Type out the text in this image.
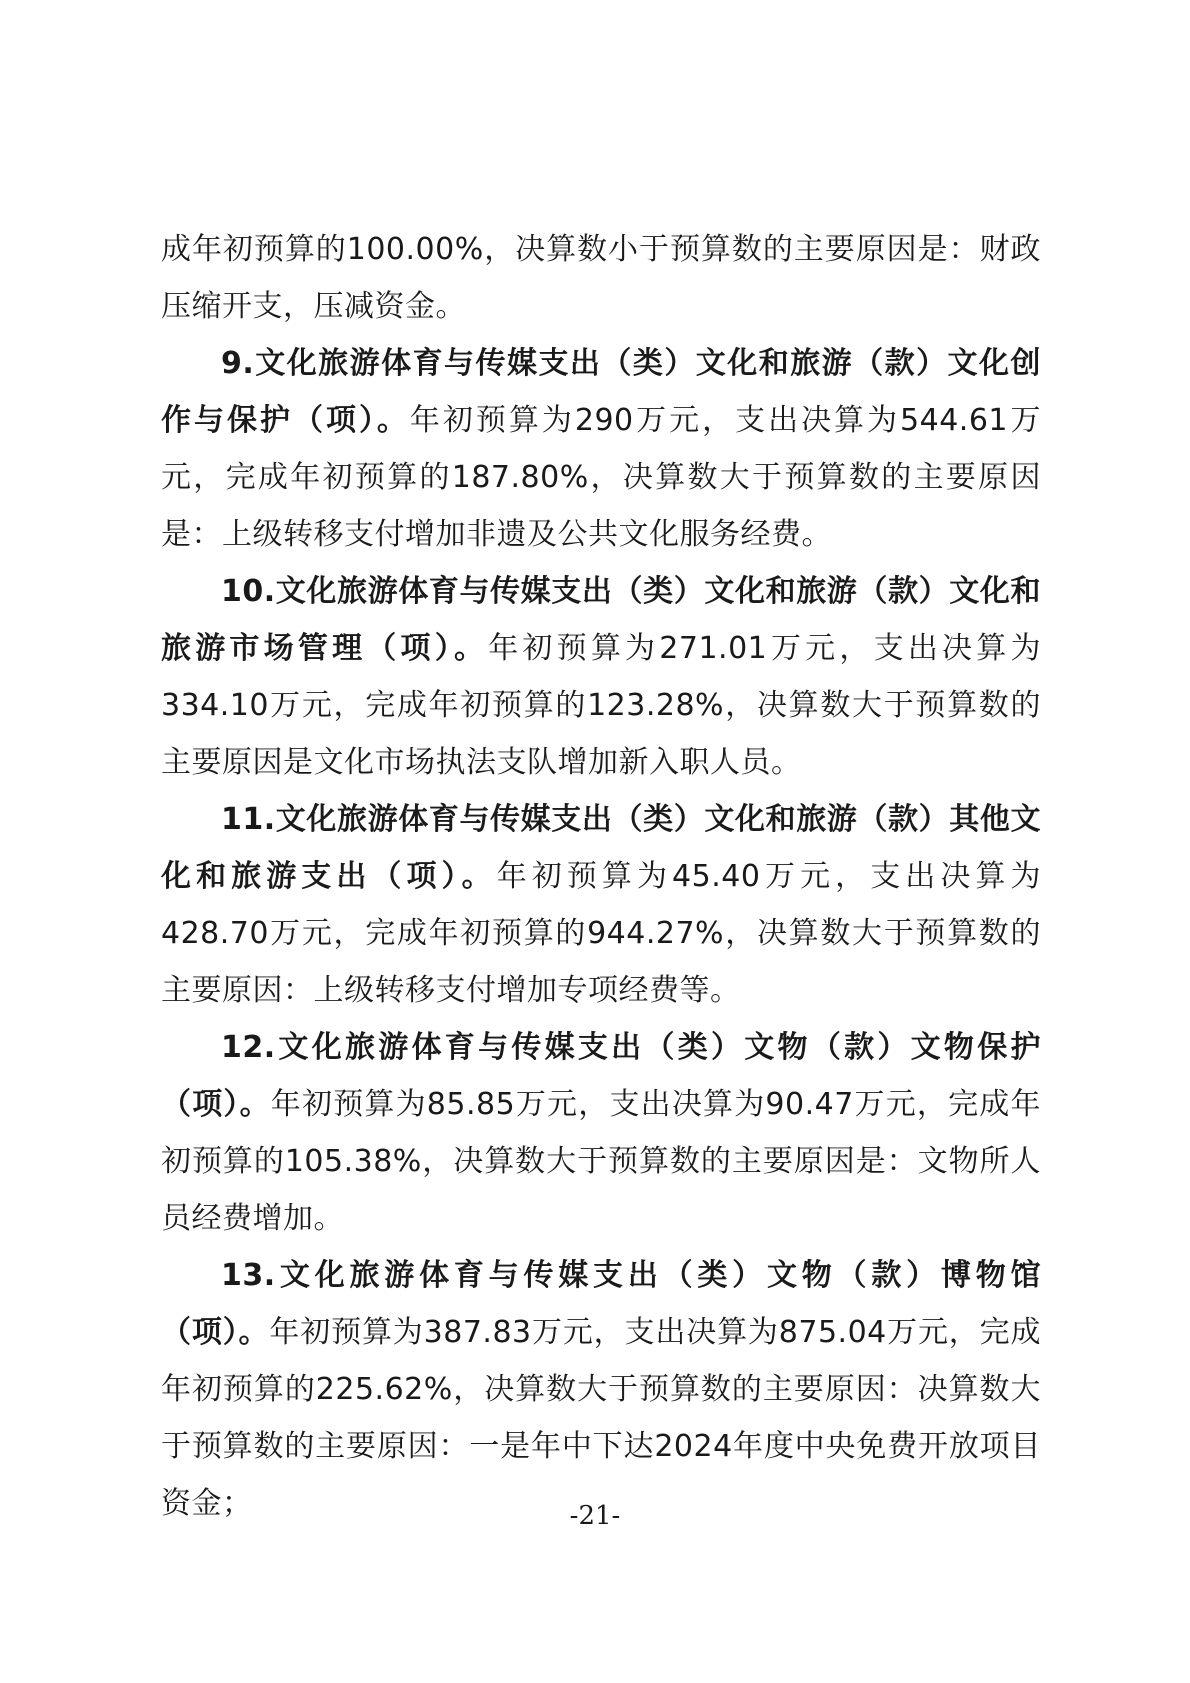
成年初预算的100.00%，决算数小于预算数的主要原因是：财政压缩开支，压减资金。

9.文化旅游体育与传媒支出（类）文化和旅游（款）文化创作与保护（项）。年初预算为290万元，支出决算为544.61万元，完成年初预算的187.80%，决算数大于预算数的主要原因是：上级转移支付增加非遗及公共文化服务经费。

10.文化旅游体育与传媒支出（类）文化和旅游（款）文化和旅游市场管理（项）。年初预算为271.01万元，支出决算为334.10万元，完成年初预算的123.28%，决算数大于预算数的主要原因是文化市场执法支队增加新入职人员。

11.文化旅游体育与传媒支出（类）文化和旅游（款）其他文化和旅游支出（项）。年初预算为45.40万元，支出决算为428.70万元，完成年初预算的944.27%，决算数大于预算数的主要原因：上级转移支付增加专项经费等。

12.文化旅游体育与传媒支出（类）文物（款）文物保护（项）。年初预算为85.85万元，支出决算为90.47万元，完成年初预算的105.38%，决算数大于预算数的主要原因是：文物所人员经费增加。

13.文化旅游体育与传媒支出（类）文物（款）博物馆（项）。年初预算为387.83万元，支出决算为875.04万元，完成年初预算的225.62%，决算数大于预算数的主要原因：决算数大于预算数的主要原因：一是年中下达2024年度中央免费开放项目资金；	-21-
